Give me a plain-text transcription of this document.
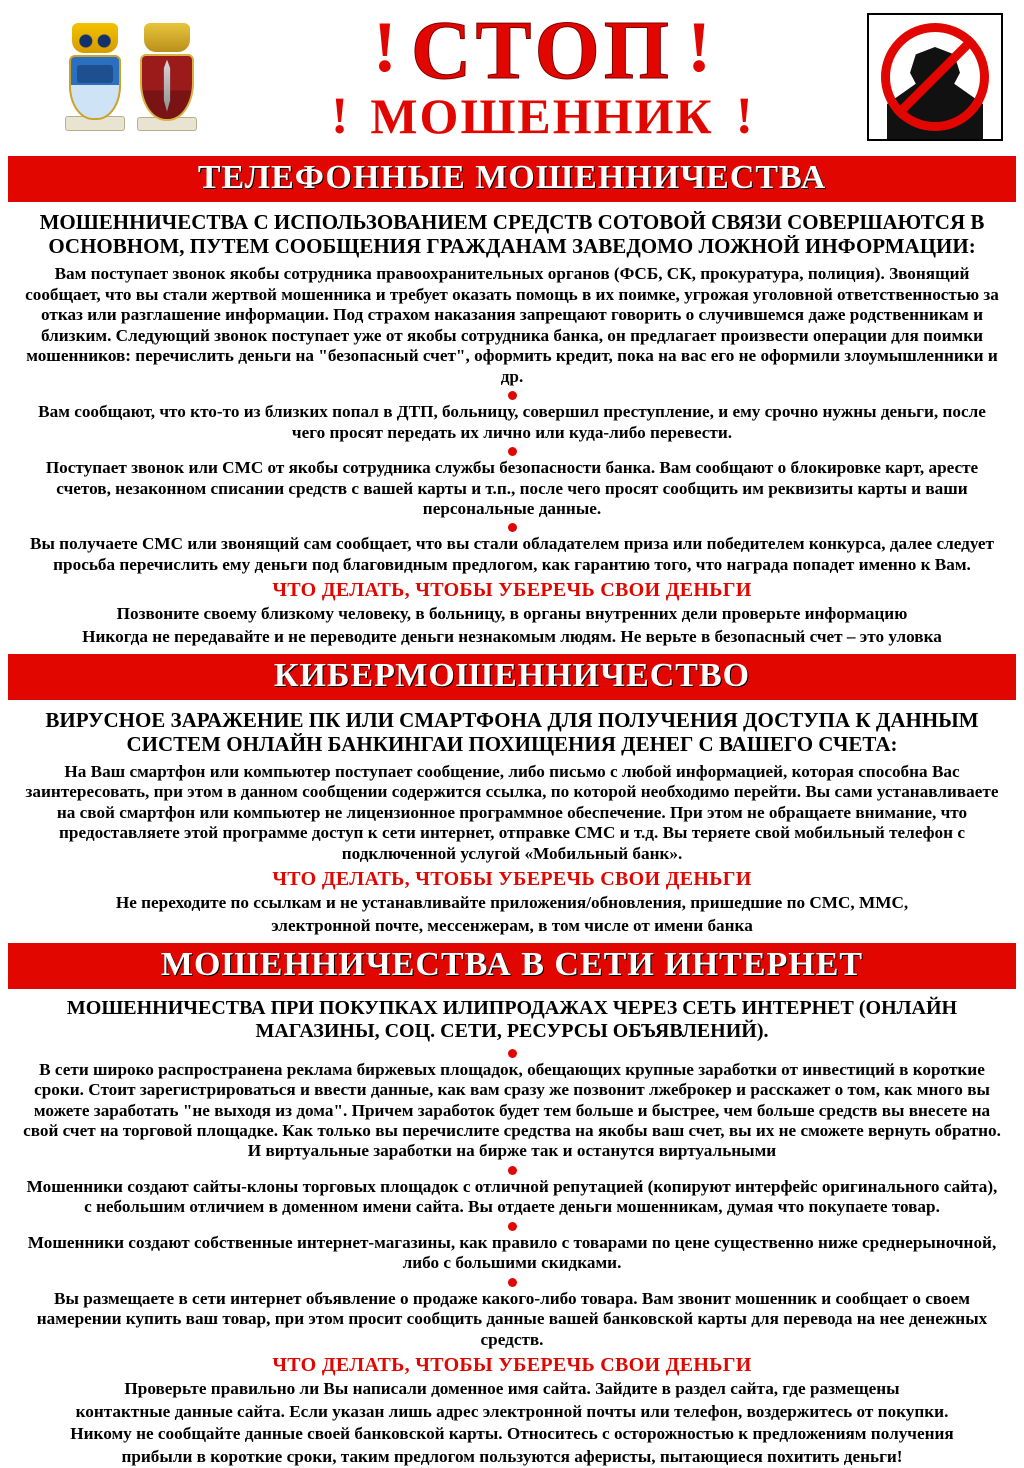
! СТОП !
! МОШЕННИК !
ТЕЛЕФОННЫЕ МОШЕННИЧЕСТВА
МОШЕННИЧЕСТВА С ИСПОЛЬЗОВАНИЕМ СРЕДСТВ СОТОВОЙ СВЯЗИ СОВЕРШАЮТСЯ В ОСНОВНОМ, ПУТЕМ СООБЩЕНИЯ ГРАЖДАНАМ ЗАВЕДОМО ЛОЖНОЙ ИНФОРМАЦИИ:
Вам поступает звонок якобы сотрудника правоохранительных органов (ФСБ, СК, прокуратура, полиция). Звонящий сообщает, что вы стали жертвой мошенника и требует оказать помощь в их поимке, угрожая уголовной ответственностью за отказ или разглашение информации. Под страхом наказания запрещают говорить о случившемся даже родственникам и близким. Следующий звонок поступает уже от якобы сотрудника банка, он предлагает произвести операции для поимки мошенников: перечислить деньги на "безопасный счет", оформить кредит, пока на вас его не оформили злоумышленники и др.
Вам сообщают, что кто-то из близких попал в ДТП, больницу, совершил преступление, и ему срочно нужны деньги, после чего просят передать их лично или куда-либо перевести.
Поступает звонок или СМС от якобы сотрудника службы безопасности банка. Вам сообщают о блокировке карт, аресте счетов, незаконном списании средств с вашей карты и т.п., после чего просят сообщить им реквизиты карты и ваши персональные данные.
Вы получаете СМС или звонящий сам сообщает, что вы стали обладателем приза или победителем конкурса, далее следует просьба перечислить ему деньги под благовидным предлогом, как гарантию того, что награда попадет именно к Вам.
ЧТО ДЕЛАТЬ, ЧТОБЫ УБЕРЕЧЬ СВОИ ДЕНЬГИ
Позвоните своему близкому человеку, в больницу, в органы внутренних дели проверьте информацию
Никогда не передавайте и не переводите деньги незнакомым людям. Не верьте в безопасный счет – это уловка
КИБЕРМОШЕННИЧЕСТВО
ВИРУСНОЕ ЗАРАЖЕНИЕ ПК ИЛИ СМАРТФОНА ДЛЯ ПОЛУЧЕНИЯ ДОСТУПА К ДАННЫМ СИСТЕМ ОНЛАЙН БАНКИНГАИ ПОХИЩЕНИЯ ДЕНЕГ С ВАШЕГО СЧЕТА:
На Ваш смартфон или компьютер поступает сообщение, либо письмо с любой информацией, которая способна Вас заинтересовать, при этом в данном сообщении содержится ссылка, по которой необходимо перейти. Вы сами устанавливаете на свой смартфон или компьютер не лицензионное программное обеспечение. При этом не обращаете внимание, что предоставляете этой программе доступ к сети интернет, отправке СМС и т.д. Вы теряете свой мобильный телефон с подключенной услугой «Мобильный банк».
ЧТО ДЕЛАТЬ, ЧТОБЫ УБЕРЕЧЬ СВОИ ДЕНЬГИ
Не переходите по ссылкам и не устанавливайте приложения/обновления, пришедшие по СМС, ММС,
электронной почте, мессенжерам, в том числе от имени банка
МОШЕННИЧЕСТВА В СЕТИ ИНТЕРНЕТ
МОШЕННИЧЕСТВА ПРИ ПОКУПКАХ ИЛИПРОДАЖАХ ЧЕРЕЗ СЕТЬ ИНТЕРНЕТ (ОНЛАЙН МАГАЗИНЫ, СОЦ. СЕТИ, РЕСУРСЫ ОБЪЯВЛЕНИЙ).
В сети широко распространена реклама биржевых площадок, обещающих крупные заработки от инвестиций в короткие сроки. Стоит зарегистрироваться и ввести данные, как вам сразу же позвонит лжеброкер и расскажет о том, как много вы можете заработать "не выходя из дома". Причем заработок будет тем больше и быстрее, чем больше средств вы внесете на свой счет на торговой площадке. Как только вы перечислите средства на якобы ваш счет, вы их не сможете вернуть обратно. И виртуальные заработки на бирже так и останутся виртуальными
Мошенники создают сайты-клоны торговых площадок с отличной репутацией (копируют интерфейс оригинального сайта), с небольшим отличием в доменном имени сайта. Вы отдаете деньги мошенникам, думая что покупаете товар.
Мошенники создают собственные интернет-магазины, как правило с товарами по цене существенно ниже среднерыночной, либо с большими скидками.
Вы размещаете в сети интернет объявление о продаже какого-либо товара. Вам звонит мошенник и сообщает о своем намерении купить ваш товар, при этом просит сообщить данные вашей банковской карты для перевода на нее денежных средств.
ЧТО ДЕЛАТЬ, ЧТОБЫ УБЕРЕЧЬ СВОИ ДЕНЬГИ
Проверьте правильно ли Вы написали доменное имя сайта. Зайдите в раздел сайта, где размещены
контактные данные сайта. Если указан лишь адрес электронной почты или телефон, воздержитесь от покупки.
Никому не сообщайте данные своей банковской карты. Относитесь с осторожностью к предложениям получения
прибыли в короткие сроки, таким предлогом пользуются аферисты, пытающиеся похитить деньги!
